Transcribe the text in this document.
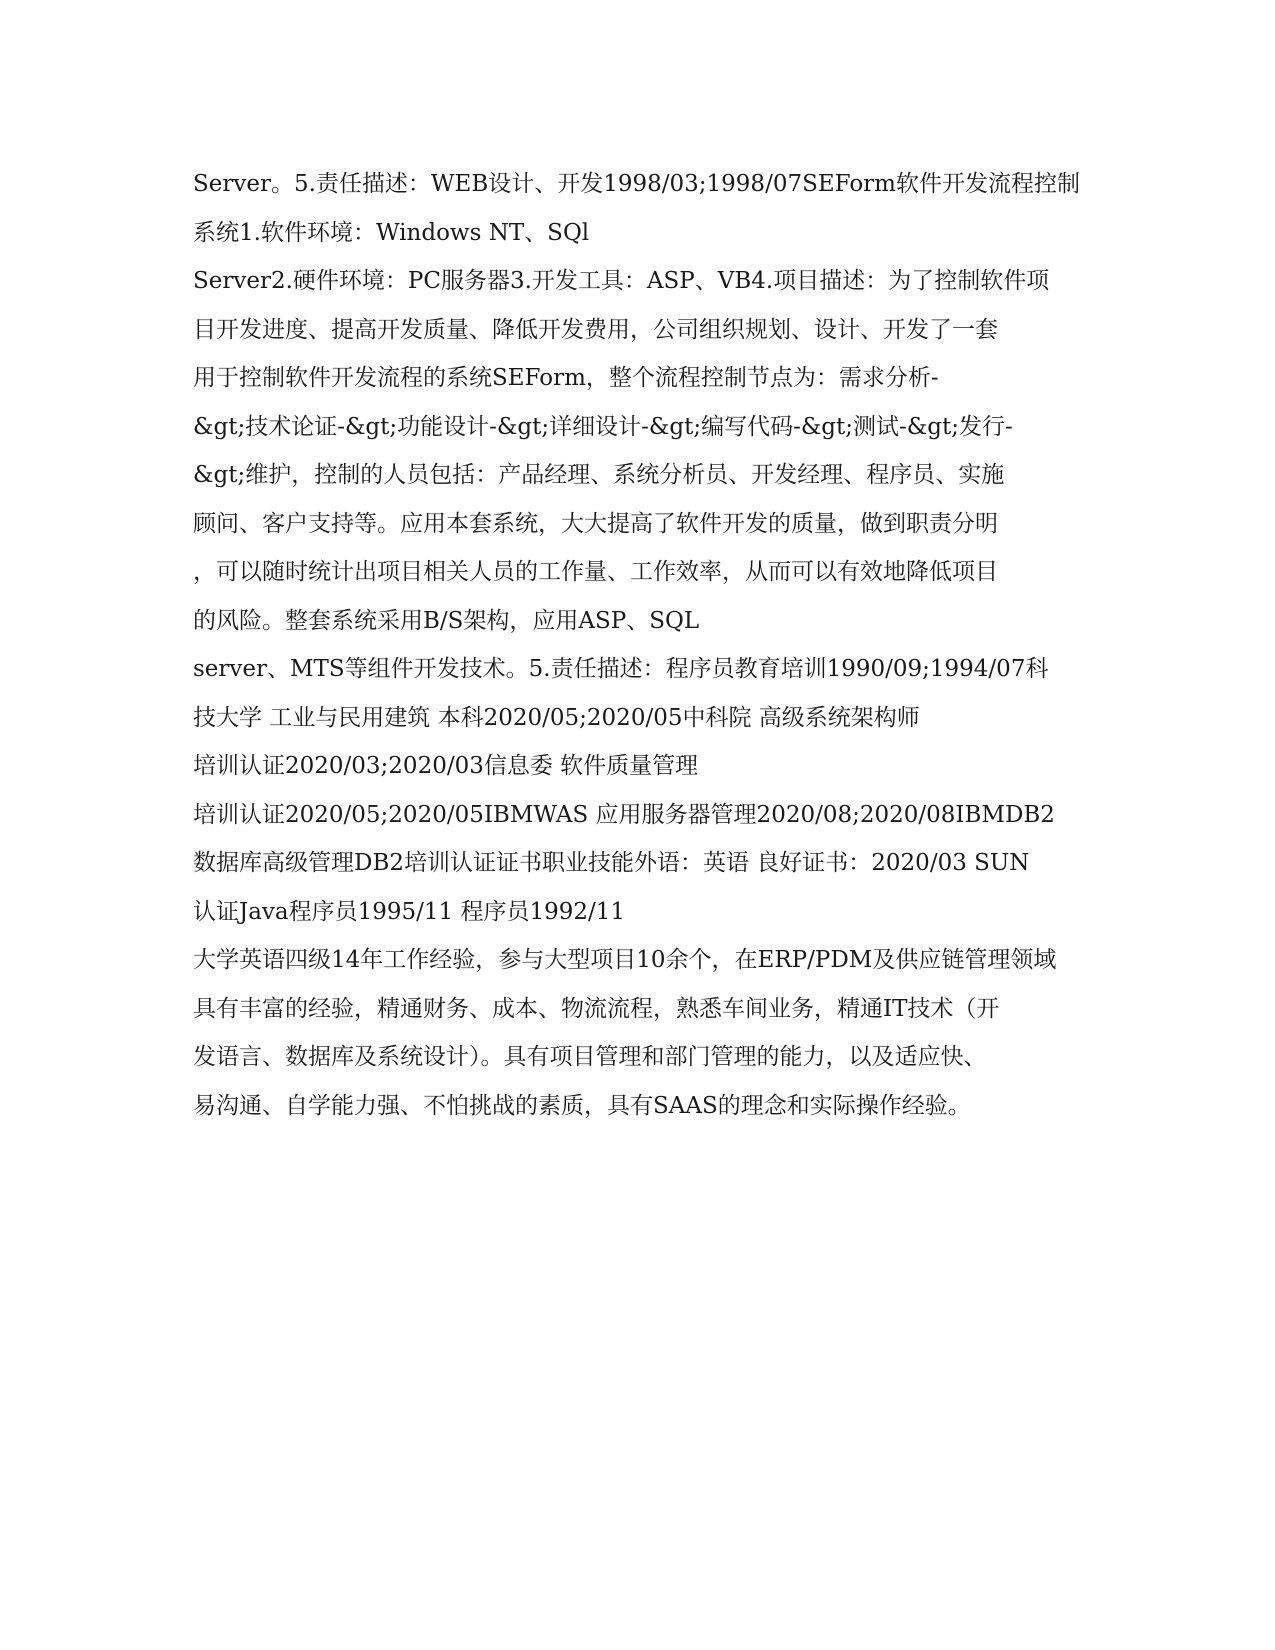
Server。5.责任描述：WEB设计、开发1998/03;1998/07SEForm软件开发流程控制
系统1.软件环境：Windows NT、SQl
Server2.硬件环境：PC服务器3.开发工具：ASP、VB4.项目描述：为了控制软件项
目开发进度、提高开发质量、降低开发费用，公司组织规划、设计、开发了一套
用于控制软件开发流程的系统SEForm，整个流程控制节点为：需求分析-
&gt;技术论证-&gt;功能设计-&gt;详细设计-&gt;编写代码-&gt;测试-&gt;发行-
&gt;维护，控制的人员包括：产品经理、系统分析员、开发经理、程序员、实施
顾问、客户支持等。应用本套系统，大大提高了软件开发的质量，做到职责分明
，可以随时统计出项目相关人员的工作量、工作效率，从而可以有效地降低项目
的风险。整套系统采用B/S架构，应用ASP、SQL
server、MTS等组件开发技术。5.责任描述：程序员教育培训1990/09;1994/07科
技大学 工业与民用建筑 本科2020/05;2020/05中科院 高级系统架构师
培训认证2020/03;2020/03信息委 软件质量管理
培训认证2020/05;2020/05IBMWAS 应用服务器管理2020/08;2020/08IBMDB2
数据库高级管理DB2培训认证证书职业技能外语：英语 良好证书：2020/03 SUN
认证Java程序员1995/11 程序员1992/11
大学英语四级14年工作经验，参与大型项目10余个，在ERP/PDM及供应链管理领域
具有丰富的经验，精通财务、成本、物流流程，熟悉车间业务，精通IT技术（开
发语言、数据库及系统设计）。具有项目管理和部门管理的能力，以及适应快、
易沟通、自学能力强、不怕挑战的素质，具有SAAS的理念和实际操作经验。
